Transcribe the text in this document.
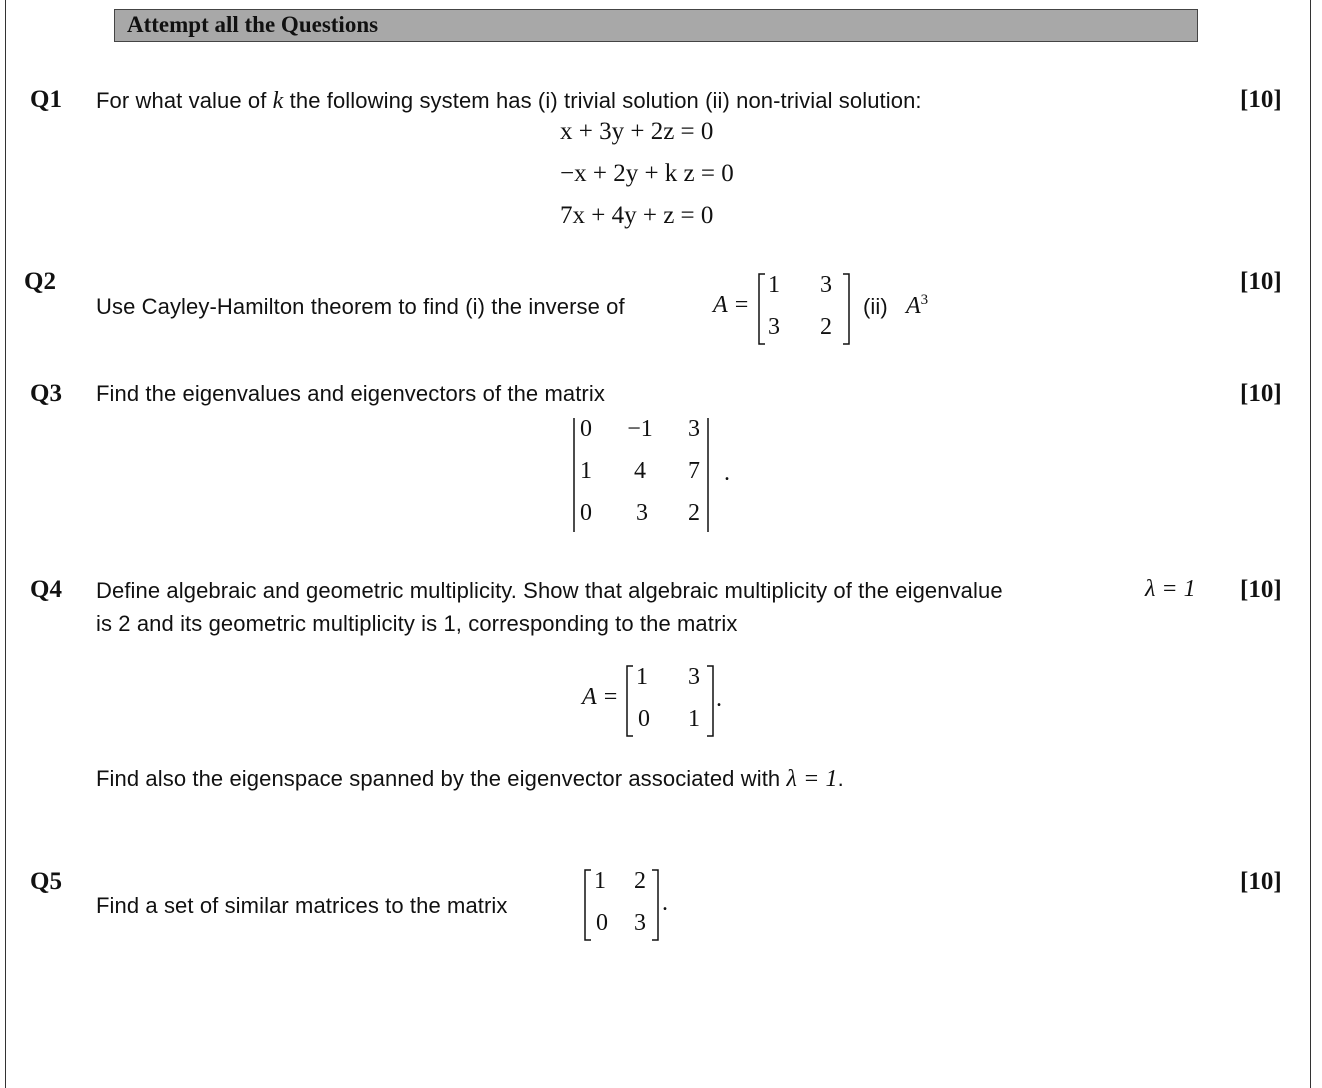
Attempt all the Questions
Q1	[10]
For what value of k the following system has (i) trivial solution (ii) non-trivial solution:
x + 3y + 2z = 0
−x + 2y + k z = 0
7x + 4y + z = 0
Q2	[10]
Use Cayley-Hamilton theorem to find (i) the inverse of	A =
1	3
3	2
(ii) $A^3$
Q3	[10]
Find the eigenvalues and eigenvectors of the matrix
0	−1	3
1	4	7
0	3	2
.
Q4	[10]
Define algebraic and geometric multiplicity. Show that algebraic multiplicity of the eigenvalue	λ = 1
is 2 and its geometric multiplicity is 1, corresponding to the matrix
A =
1	3
0	1
.
Find also the eigenspace spanned by the eigenvector associated with λ = 1.
Q5	[10]
Find a set of similar matrices to the matrix
1	2
0	3
.
